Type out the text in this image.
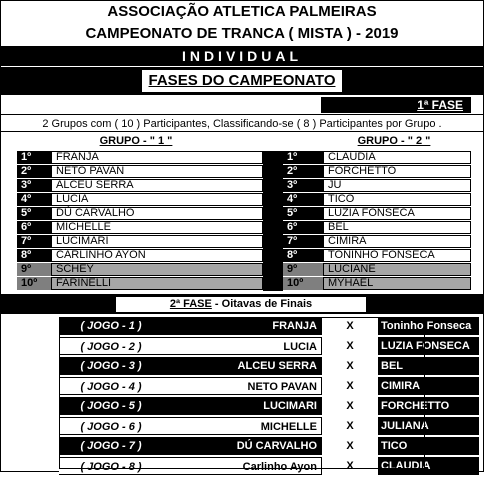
ASSOCIAÇÃO ATLETICA PALMEIRAS
CAMPEONATO DE TRANCA ( MISTA ) - 2019
INDIVIDUAL
FASES DO CAMPEONATO
1ª FASE
2 Grupos com ( 10 ) Participantes, Classificando-se ( 8 ) Participantes por Grupo .
GRUPO - " 1 "	GRUPO - " 2 "
1º	FRANJA	1º	CLAUDIA
2º	NETO PAVAN	2º	FORCHETTO
3º	ALCEU SERRA	3º	JU
4º	LUCIA	4º	TICO
5º	DÚ CARVALHO	5º	LUZIA FONSECA
6º	MICHELLE	6º	BEL
7º	LUCIMARI	7º	CIMIRA
8º	CARLINHO AYON	8º	TONINHO FONSECA
9º	SCHEY	9º	LUCIANE
10º	FARINELLI	10º	MYHAEL
2ª FASE - Oitavas de Finais
( JOGO - 1 )	FRANJA	X	Toninho Fonseca
( JOGO - 2 )	LUCIA	X	LUZIA FONSECA
( JOGO - 3 )	ALCEU SERRA	X	BEL
( JOGO - 4 )	NETO PAVAN	X	CIMIRA
( JOGO - 5 )	LUCIMARI	X	FORCHETTO
( JOGO - 6 )	MICHELLE	X	JULIANA
( JOGO - 7 )	DÚ CARVALHO	X	TICO
( JOGO - 8 )	Carlinho Ayon	X	CLAUDIA
